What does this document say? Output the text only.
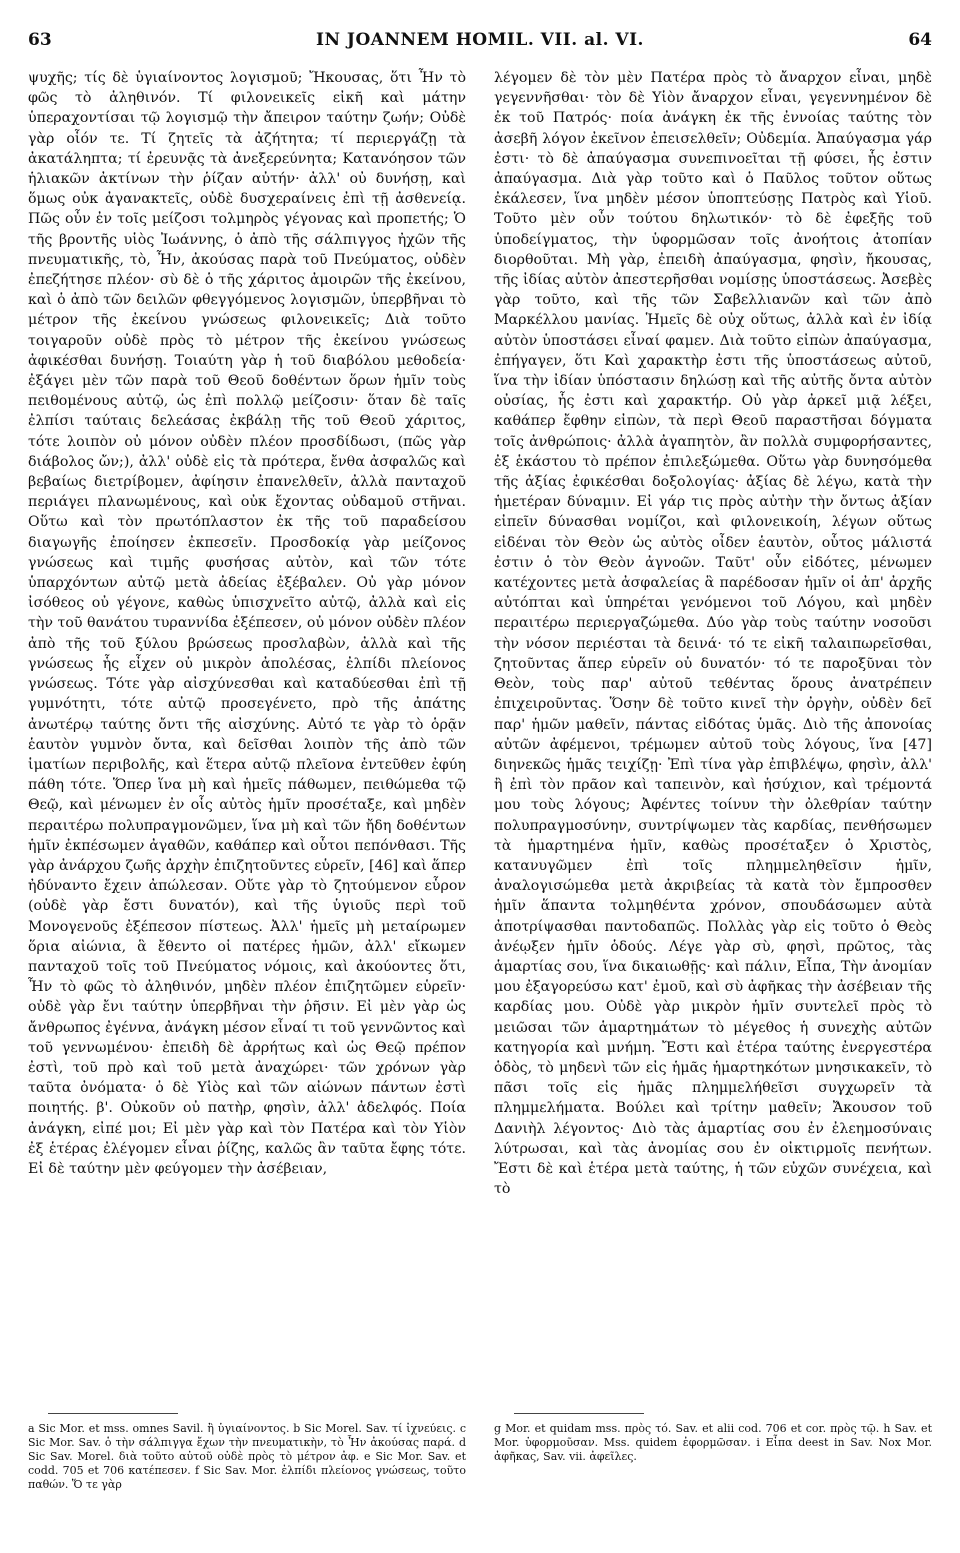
63	IN JOANNEM HOMIL. VII. al. VI.	64

ψυχῆς; τίς δὲ ὑγιαίνοντος λογισμοῦ; Ἤκουσας, ὅτι Ἦν τὸ φῶς τὸ ἀληθινόν. Τί φιλονεικεῖς εἰκῆ καὶ μάτην ὑπεραχοντίσαι τῷ λογισμῷ τὴν ἄπειρον ταύτην ζωήν; Οὐδὲ γὰρ οἷόν τε. Τί ζητεῖς τὰ ἀζήτητα; τί περιεργάζῃ τὰ ἀκατάληπτα; τί ἐρευνᾷς τὰ ἀνεξερεύνητα; Κατανόησον τῶν ἡλιακῶν ἀκτίνων τὴν ῥίζαν αὐτήν· ἀλλ' οὐ δυνήσῃ, καὶ ὅμως οὐκ ἀγανακτεῖς, οὐδὲ δυσχεραίνεις ἐπὶ τῇ ἀσθενείᾳ. Πῶς οὖν ἐν τοῖς μείζοσι τολμηρὸς γέγονας καὶ προπετής; Ὁ τῆς βροντῆς υἱὸς Ἰωάννης, ὁ ἀπὸ τῆς σάλπιγγος ἠχῶν τῆς πνευματικῆς, τὸ, Ἦν, ἀκούσας παρὰ τοῦ Πνεύματος, οὐδὲν ἐπεζήτησε πλέον· σὺ δὲ ὁ τῆς χάριτος ἀμοιρῶν τῆς ἐκείνου, καὶ ὁ ἀπὸ τῶν δειλῶν φθεγγόμενος λογισμῶν, ὑπερβῆναι τὸ μέτρον τῆς ἐκείνου γνώσεως φιλονεικεῖς; Διὰ τοῦτο τοιγαροῦν οὐδὲ πρὸς τὸ μέτρον τῆς ἐκείνου γνώσεως ἀφικέσθαι δυνήσῃ. Τοιαύτη γὰρ ἡ τοῦ διαβόλου μεθοδεία· ἐξάγει μὲν τῶν παρὰ τοῦ Θεοῦ δοθέντων ὅρων ἡμῖν τοὺς πειθομένους αὐτῷ, ὡς ἐπὶ πολλῷ μείζοσιν· ὅταν δὲ ταῖς ἐλπίσι ταύταις δελεάσας ἐκβάλῃ τῆς τοῦ Θεοῦ χάριτος, τότε λοιπὸν οὐ μόνον οὐδὲν πλέον προσδίδωσι, (πῶς γὰρ διάβολος ὤν;), ἀλλ' οὐδὲ εἰς τὰ πρότερα, ἔνθα ἀσφαλῶς καὶ βεβαίως διετρίβομεν, ἀφίησιν ἐπανελθεῖν, ἀλλὰ πανταχοῦ περιάγει πλανωμένους, καὶ οὐκ ἔχοντας οὐδαμοῦ στῆναι. Οὕτω καὶ τὸν πρωτόπλαστον ἐκ τῆς τοῦ παραδείσου διαγωγῆς ἐποίησεν ἐκπεσεῖν. Προσδοκίᾳ γὰρ μείζονος γνώσεως καὶ τιμῆς φυσήσας αὐτὸν, καὶ τῶν τότε ὑπαρχόντων αὐτῷ μετὰ ἀδείας ἐξέβαλεν. Οὐ γὰρ μόνον ἰσόθεος οὐ γέγονε, καθὼς ὑπισχνεῖτο αὐτῷ, ἀλλὰ καὶ εἰς τὴν τοῦ θανάτου τυραννίδα ἐξέπεσεν, οὐ μόνον οὐδὲν πλέον ἀπὸ τῆς τοῦ ξύλου βρώσεως προσλαβὼν, ἀλλὰ καὶ τῆς γνώσεως ἧς εἶχεν οὐ μικρὸν ἀπολέσας, ἐλπίδι πλείονος γνώσεως. Τότε γὰρ αἰσχύνεσθαι καὶ καταδύεσθαι ἐπὶ τῇ γυμνότητι, τότε αὐτῷ προσεγένετο, πρὸ τῆς ἀπάτης ἀνωτέρῳ ταύτης ὄντι τῆς αἰσχύνης. Αὐτό τε γὰρ τὸ ὁρᾷν ἑαυτὸν γυμνὸν ὄντα, καὶ δεῖσθαι λοιπὸν τῆς ἀπὸ τῶν ἱματίων περιβολῆς, καὶ ἕτερα αὐτῷ πλεῖονα ἐντεῦθεν ἐφύη πάθη τότε. Ὅπερ ἵνα μὴ καὶ ἡμεῖς πάθωμεν, πειθώμεθα τῷ Θεῷ, καὶ μένωμεν ἐν οἷς αὐτὸς ἡμῖν προσέταξε, καὶ μηδὲν περαιτέρω πολυπραγμονῶμεν, ἵνα μὴ καὶ τῶν ἤδη δοθέντων ἡμῖν ἐκπέσωμεν ἀγαθῶν, καθάπερ καὶ οὗτοι πεπόνθασι. Τῆς γὰρ ἀνάρχου ζωῆς ἀρχὴν ἐπιζητοῦντες εὑρεῖν, [46] καὶ ἅπερ ἠδύναντο ἔχειν ἀπώλεσαν. Οὔτε γὰρ τὸ ζητούμενον εὗρον (οὐδὲ γὰρ ἔστι δυνατόν), καὶ τῆς ὑγιοῦς περὶ τοῦ Μονογενοῦς ἐξέπεσον πίστεως. Ἀλλ' ἡμεῖς μὴ μεταίρωμεν ὅρια αἰώνια, ἃ ἔθεντο οἱ πατέρες ἡμῶν, ἀλλ' εἴκωμεν πανταχοῦ τοῖς τοῦ Πνεύματος νόμοις, καὶ ἀκούοντες ὅτι, Ἦν τὸ φῶς τὸ ἀληθινόν, μηδὲν πλέον ἐπιζητῶμεν εὑρεῖν· οὐδὲ γὰρ ἔνι ταύτην ὑπερβῆναι τὴν ῥῆσιν. Εἰ μὲν γὰρ ὡς ἄνθρωπος ἐγέννα, ἀνάγκη μέσον εἶναί τι τοῦ γεννῶντος καὶ τοῦ γεννωμένου· ἐπειδὴ δὲ ἀρρήτως καὶ ὡς Θεῷ πρέπον ἐστὶ, τοῦ πρὸ καὶ τοῦ μετὰ ἀναχώρει· τῶν χρόνων γὰρ ταῦτα ὀνόματα· ὁ δὲ Υἱὸς καὶ τῶν αἰώνων πάντων ἐστὶ ποιητής. β'. Οὐκοῦν οὐ πατὴρ, φησὶν, ἀλλ' ἀδελφός. Ποία ἀνάγκη, εἰπέ μοι; Εἰ μὲν γὰρ καὶ τὸν Πατέρα καὶ τὸν Υἱὸν ἐξ ἑτέρας ἐλέγομεν εἶναι ῥίζης, καλῶς ἂν ταῦτα ἔφης τότε. Εἰ δὲ ταύτην μὲν φεύγομεν τὴν ἀσέβειαν,

λέγομεν δὲ τὸν μὲν Πατέρα πρὸς τὸ ἄναρχον εἶναι, μηδὲ γεγεννῆσθαι· τὸν δὲ Υἱὸν ἄναρχον εἶναι, γεγεννημένον δὲ ἐκ τοῦ Πατρός· ποία ἀνάγκη ἐκ τῆς ἐννοίας ταύτης τὸν ἀσεβῆ λόγον ἐκεῖνον ἐπεισελθεῖν; Οὐδεμία. Ἀπαύγασμα γάρ ἐστι· τὸ δὲ ἀπαύγασμα συνεπινοεῖται τῇ φύσει, ἧς ἐστιν ἀπαύγασμα. Διὰ γὰρ τοῦτο καὶ ὁ Παῦλος τοῦτον οὕτως ἐκάλεσεν, ἵνα μηδὲν μέσον ὑποπτεύσῃς Πατρὸς καὶ Υἱοῦ. Τοῦτο μὲν οὖν τούτου δηλωτικόν· τὸ δὲ ἐφεξῆς τοῦ ὑποδείγματος, τὴν ὑφορμῶσαν τοῖς ἀνοήτοις ἀτοπίαν διορθοῦται. Μὴ γὰρ, ἐπειδὴ ἀπαύγασμα, φησὶν, ἤκουσας, τῆς ἰδίας αὐτὸν ἀπεστερῆσθαι νομίσῃς ὑποστάσεως. Ἀσεβὲς γὰρ τοῦτο, καὶ τῆς τῶν Σαβελλιανῶν καὶ τῶν ἀπὸ Μαρκέλλου μανίας. Ἡμεῖς δὲ οὐχ οὕτως, ἀλλὰ καὶ ἐν ἰδίᾳ αὐτὸν ὑποστάσει εἶναί φαμεν. Διὰ τοῦτο εἰπὼν ἀπαύγασμα, ἐπήγαγεν, ὅτι Καὶ χαρακτὴρ ἐστι τῆς ὑποστάσεως αὐτοῦ, ἵνα τὴν ἰδίαν ὑπόστασιν δηλώσῃ καὶ τῆς αὐτῆς ὄντα αὐτὸν οὐσίας, ἧς ἐστι καὶ χαρακτήρ. Οὐ γὰρ ἀρκεῖ μιᾷ λέξει, καθάπερ ἔφθην εἰπὼν, τὰ περὶ Θεοῦ παραστῆσαι δόγματα τοῖς ἀνθρώποις· ἀλλὰ ἀγαπητὸν, ἂν πολλὰ συμφορήσαντες, ἐξ ἑκάστου τὸ πρέπον ἐπιλεξώμεθα. Οὕτω γὰρ δυνησόμεθα τῆς ἀξίας ἐφικέσθαι δοξολογίας· ἀξίας δὲ λέγω, κατὰ τὴν ἡμετέραν δύναμιν. Εἰ γάρ τις πρὸς αὐτὴν τὴν ὄντως ἀξίαν εἰπεῖν δύνασθαι νομίζοι, καὶ φιλονεικοίη, λέγων οὕτως εἰδέναι τὸν Θεὸν ὡς αὐτὸς οἶδεν ἑαυτὸν, οὗτος μάλιστά ἐστιν ὁ τὸν Θεὸν ἀγνοῶν. Ταῦτ' οὖν εἰδότες, μένωμεν κατέχοντες μετὰ ἀσφαλείας ἃ παρέδοσαν ἡμῖν οἱ ἀπ' ἀρχῆς αὐτόπται καὶ ὑπηρέται γενόμενοι τοῦ Λόγου, καὶ μηδὲν περαιτέρω περιεργαζώμεθα. Δύο γὰρ τοὺς ταύτην νοσοῦσι τὴν νόσον περιέσται τὰ δεινά· τό τε εἰκῆ ταλαιπωρεῖσθαι, ζητοῦντας ἅπερ εὑρεῖν οὐ δυνατόν· τό τε παροξῦναι τὸν Θεὸν, τοὺς παρ' αὐτοῦ τεθέντας ὅρους ἀνατρέπειν ἐπιχειροῦντας. Ὅσην δὲ τοῦτο κινεῖ τὴν ὀργὴν, οὐδὲν δεῖ παρ' ἡμῶν μαθεῖν, πάντας εἰδότας ὑμᾶς. Διὸ τῆς ἀπονοίας αὐτῶν ἀφέμενοι, τρέμωμεν αὐτοῦ τοὺς λόγους, ἵνα [47] διηνεκῶς ἡμᾶς τειχίζῃ· Ἐπὶ τίνα γὰρ ἐπιβλέψω, φησὶν, ἀλλ' ἢ ἐπὶ τὸν πρᾶον καὶ ταπεινὸν, καὶ ἡσύχιον, καὶ τρέμοντά μου τοὺς λόγους; Ἀφέντες τοίνυν τὴν ὀλεθρίαν ταύτην πολυπραγμοσύνην, συντρίψωμεν τὰς καρδίας, πενθήσωμεν τὰ ἡμαρτημένα ἡμῖν, καθὼς προσέταξεν ὁ Χριστὸς, κατανυγῶμεν ἐπὶ τοῖς πλημμεληθεῖσιν ἡμῖν, ἀναλογισώμεθα μετὰ ἀκριβείας τὰ κατὰ τὸν ἔμπροσθεν ἡμῖν ἅπαντα τολμηθέντα χρόνον, σπουδάσωμεν αὐτὰ ἀποτρίψασθαι παντοδαπῶς. Πολλὰς γὰρ εἰς τοῦτο ὁ Θεὸς ἀνέῳξεν ἡμῖν ὁδούς. Λέγε γὰρ σὺ, φησὶ, πρῶτος, τὰς ἁμαρτίας σου, ἵνα δικαιωθῇς· καὶ πάλιν, Εἶπα, Τὴν ἀνομίαν μου ἐξαγορεύσω κατ' ἐμοῦ, καὶ σὺ ἀφῆκας τὴν ἀσέβειαν τῆς καρδίας μου. Οὐδὲ γὰρ μικρὸν ἡμῖν συντελεῖ πρὸς τὸ μειῶσαι τῶν ἁμαρτημάτων τὸ μέγεθος ἡ συνεχὴς αὐτῶν κατηγορία καὶ μνήμη. Ἔστι καὶ ἑτέρα ταύτης ἐνεργεστέρα ὁδὸς, τὸ μηδενὶ τῶν εἰς ἡμᾶς ἡμαρτηκότων μνησικακεῖν, τὸ πᾶσι τοῖς εἰς ἡμᾶς πλημμελήθεῖσι συγχωρεῖν τὰ πλημμελήματα. Βούλει καὶ τρίτην μαθεῖν; Ἄκουσον τοῦ Δανιὴλ λέγοντος· Διὸ τὰς ἁμαρτίας σου ἐν ἐλεημοσύναις λύτρωσαι, καὶ τὰς ἀνομίας σου ἐν οἰκτιρμοῖς πενήτων. Ἔστι δὲ καὶ ἑτέρα μετὰ ταύτης, ἡ τῶν εὐχῶν συνέχεια, καὶ τὸ

a Sic Mor. et mss. omnes Savil. ἢ ὑγιαίνοντος. b Sic Morel. Sav. τί ἰχνεύεις. c Sic Mor. Sav. ὁ τὴν σάλπιγγα ἔχων τὴν πνευματικὴν, τὸ Ἦν ἀκούσας παρά. d Sic Sav. Morel. διὰ τοῦτο αὐτοῦ οὐδὲ πρὸς τὸ μέτρον ἀφ. e Sic Mor. Sav. et codd. 705 et 706 κατέπεσεν. f Sic Sav. Mor. ἐλπίδι πλείονος γνώσεως, τοῦτο παθών. Ὅ τε γὰρ
g Mor. et quidam mss. πρὸς τό. Sav. et alii cod. 706 et cor. πρὸς τῷ. h Sav. et Mor. ὑφορμοῦσαν. Mss. quidem ἐφορμῶσαν. i Εἶπα deest in Sav. Nox Mor. ἀφῆκας, Sav. vii. ἀφεῖλες.
